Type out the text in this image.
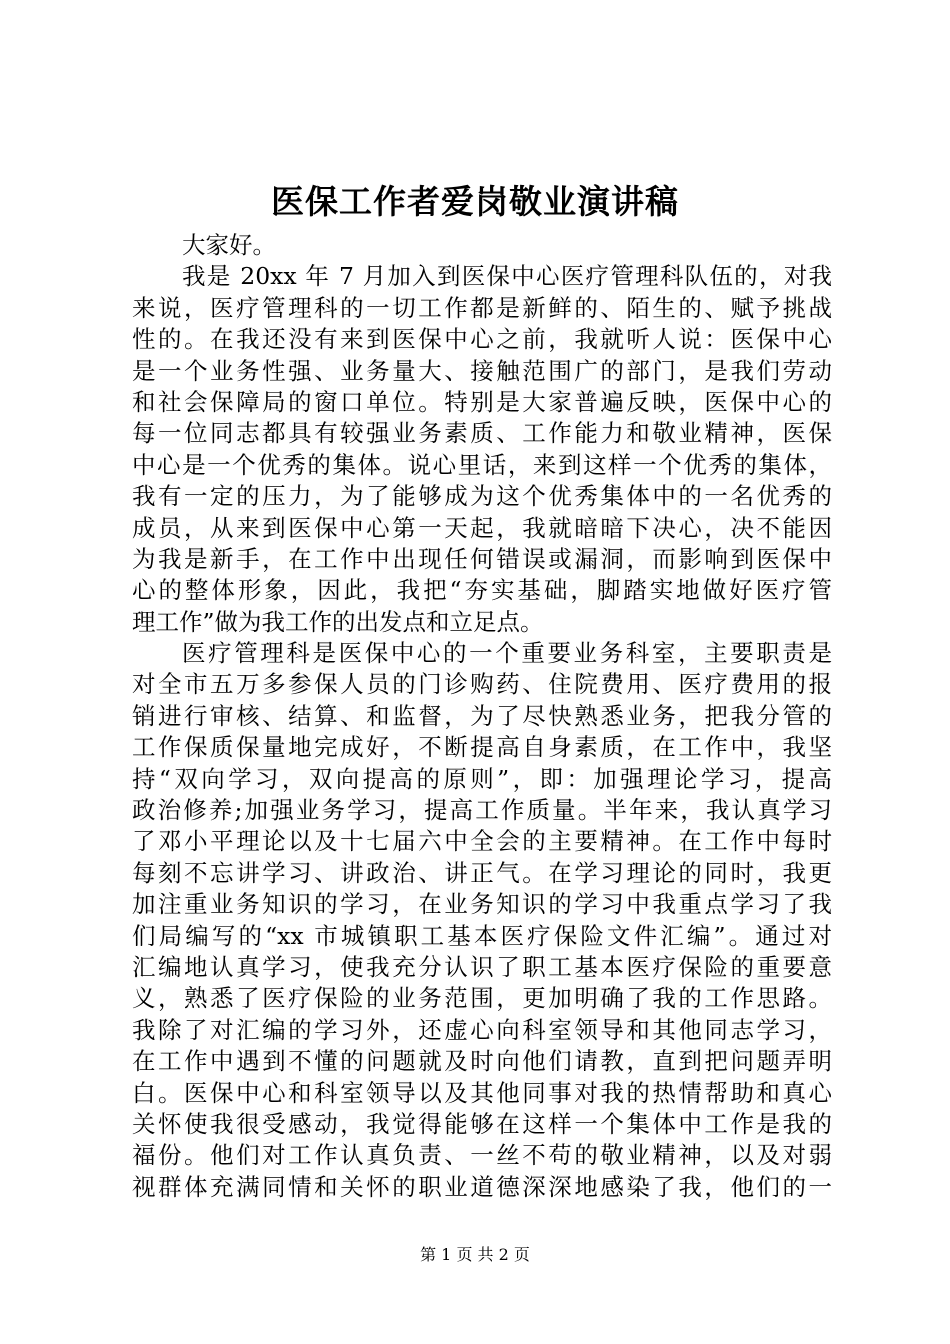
医保工作者爱岗敬业演讲稿
大家好。
我是 20xx 年 7 月加入到医保中心医疗管理科队伍的，对我
来说，医疗管理科的一切工作都是新鲜的、陌生的、赋予挑战
性的。在我还没有来到医保中心之前，我就听人说：医保中心
是一个业务性强、业务量大、接触范围广的部门，是我们劳动
和社会保障局的窗口单位。特别是大家普遍反映，医保中心的
每一位同志都具有较强业务素质、工作能力和敬业精神，医保
中心是一个优秀的集体。说心里话，来到这样一个优秀的集体，
我有一定的压力，为了能够成为这个优秀集体中的一名优秀的
成员，从来到医保中心第一天起，我就暗暗下决心，决不能因
为我是新手，在工作中出现任何错误或漏洞，而影响到医保中
心的整体形象，因此，我把“夯实基础，脚踏实地做好医疗管
理工作”做为我工作的出发点和立足点。
医疗管理科是医保中心的一个重要业务科室，主要职责是
对全市五万多参保人员的门诊购药、住院费用、医疗费用的报
销进行审核、结算、和监督，为了尽快熟悉业务，把我分管的
工作保质保量地完成好，不断提高自身素质，在工作中，我坚
持“双向学习，双向提高的原则”，即：加强理论学习，提高
政治修养;加强业务学习，提高工作质量。半年来，我认真学习
了邓小平理论以及十七届六中全会的主要精神。在工作中每时
每刻不忘讲学习、讲政治、讲正气。在学习理论的同时，我更
加注重业务知识的学习，在业务知识的学习中我重点学习了我
们局编写的“xx 市城镇职工基本医疗保险文件汇编”。通过对
汇编地认真学习，使我充分认识了职工基本医疗保险的重要意
义，熟悉了医疗保险的业务范围，更加明确了我的工作思路。
我除了对汇编的学习外，还虚心向科室领导和其他同志学习，
在工作中遇到不懂的问题就及时向他们请教，直到把问题弄明
白。医保中心和科室领导以及其他同事对我的热情帮助和真心
关怀使我很受感动，我觉得能够在这样一个集体中工作是我的
福份。他们对工作认真负责、一丝不苟的敬业精神，以及对弱
视群体充满同情和关怀的职业道德深深地感染了我，他们的一
第 1 页 共 2 页
